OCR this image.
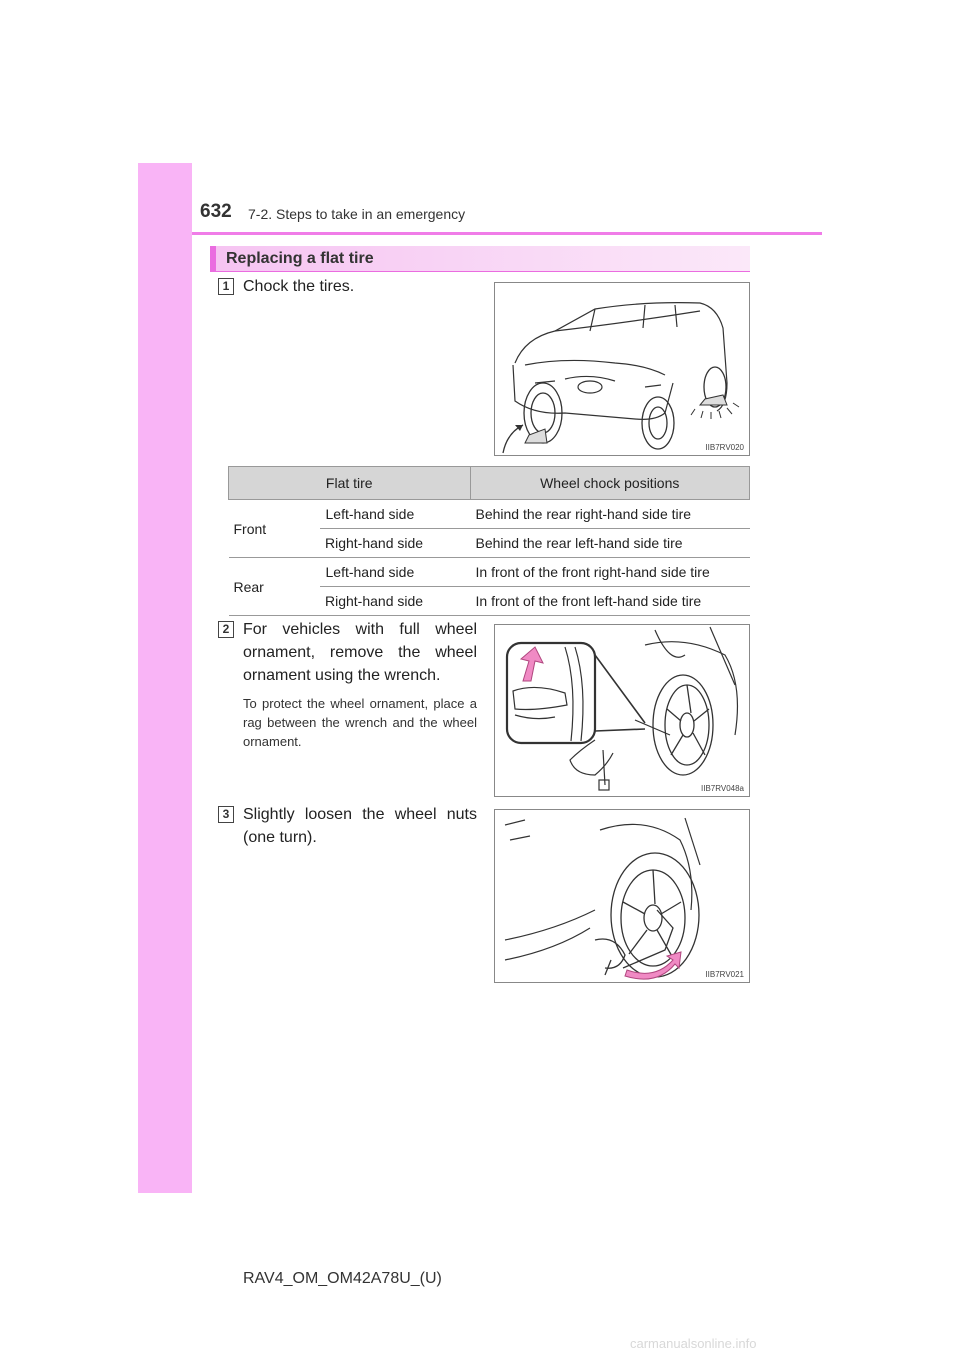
632 7-2. Steps to take in an emergency
Replacing a flat tire
1 Chock the tires.
IIB7RV020
Flat tire		Wheel chock positions
Front	Left-hand side	Behind the rear right-hand side tire
	Right-hand side	Behind the rear left-hand side tire
Rear	Left-hand side	In front of the front right-hand side tire
	Right-hand side	In front of the front left-hand side tire
2 For vehicles with full wheel ornament, remove the wheel ornament using the wrench.
To protect the wheel ornament, place a rag between the wrench and the wheel ornament.
IIB7RV048a
3 Slightly loosen the wheel nuts (one turn).
IIB7RV021
RAV4_OM_OM42A78U_(U)
carmanualsonline.info
